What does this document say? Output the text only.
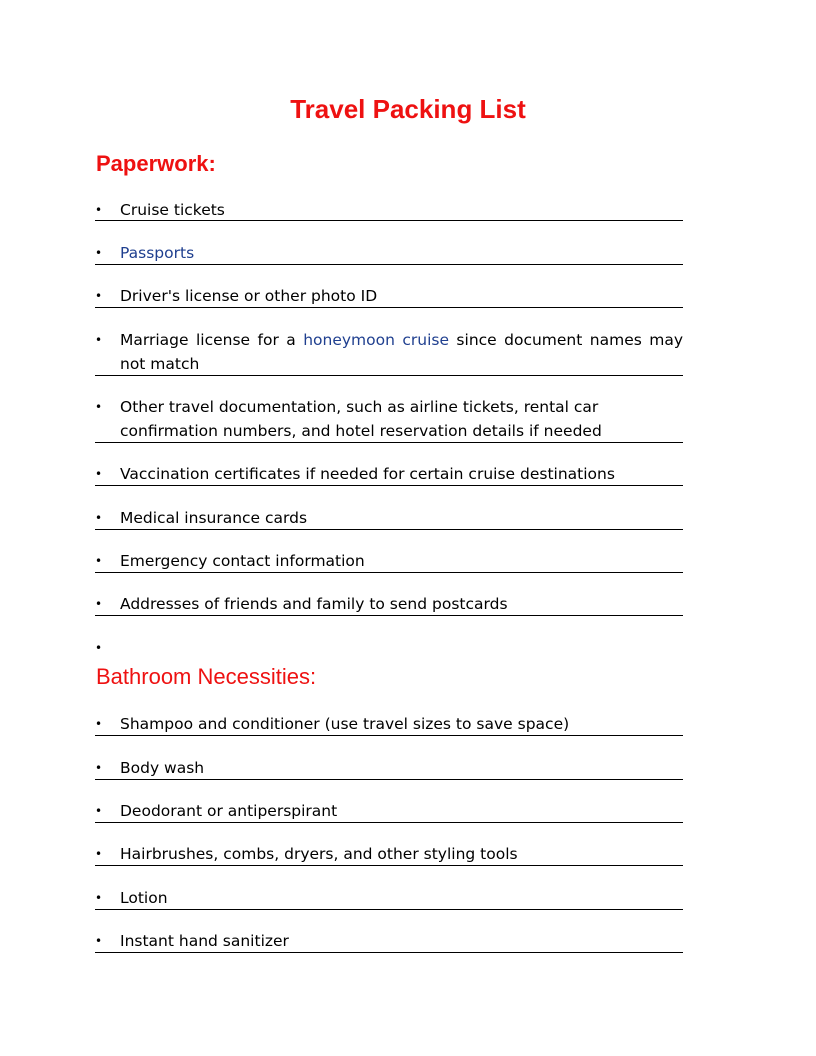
Travel Packing List
Paperwork:
• Cruise tickets
• Passports
• Driver's license or other photo ID
• Marriage license for a honeymoon cruise since document names may not match
• Other travel documentation, such as airline tickets, rental car confirmation numbers, and hotel reservation details if needed
• Vaccination certificates if needed for certain cruise destinations
• Medical insurance cards
• Emergency contact information
• Addresses of friends and family to send postcards
•
Bathroom Necessities:
• Shampoo and conditioner (use travel sizes to save space)
• Body wash
• Deodorant or antiperspirant
• Hairbrushes, combs, dryers, and other styling tools
• Lotion
• Instant hand sanitizer
